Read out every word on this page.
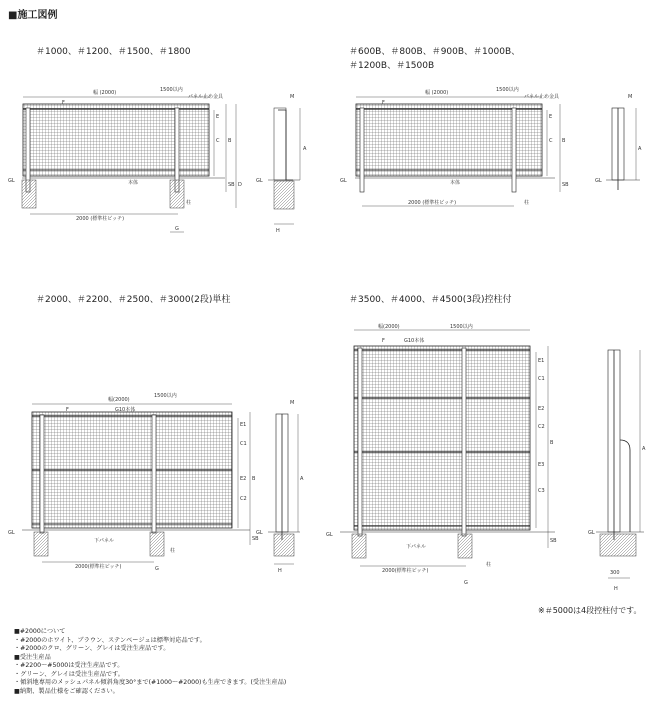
■施工図例
＃1000、＃1200、＃1500、＃1800	＃600B、＃800B、＃900B、＃1000B、
＃1200B、＃1500B
＃2000、＃2200、＃2500、＃3000(2段)単柱	＃3500、＃4000、＃4500(3段)控柱付
幅 (2000)	1500以内
パネル止め金具
F
E
C B
SB D
本体
柱
GL
2000 (標準柱ピッチ)
G
GL
A
M
H
幅 (2000)	1500以内
パネル止め金具
F
E
C B
SB
本体
柱
GL
2000 (標準柱ピッチ)
GL
A
M
幅(2000)
1500以内
G10本体
F
E1
C1
E2
C2
B
SB
下パネル
柱
GL
2000(標準柱ピッチ)	G
GL
A
M
H
幅(2000)	1500以内
G10本体
F
E1
C1
E2
C2
E3
C3
B
SB
下パネル
柱
GL
2000(標準柱ピッチ)
G
GL
A
300
H
※＃5000は4段控柱付です。
■#2000について
・#2000のホワイト、ブラウン、ステンベージュは標準対応品です。
・#2000のクロ、グリーン、グレイは受注生産品です。
■受注生産品
・#2200〜#5000は受注生産品です。
・グリーン、グレイは受注生産品です。
・傾斜地専用のメッシュパネル傾斜角度30°まで(#1000〜#2000)も生産できます。(受注生産品)
■納期、製品仕様をご確認ください。
